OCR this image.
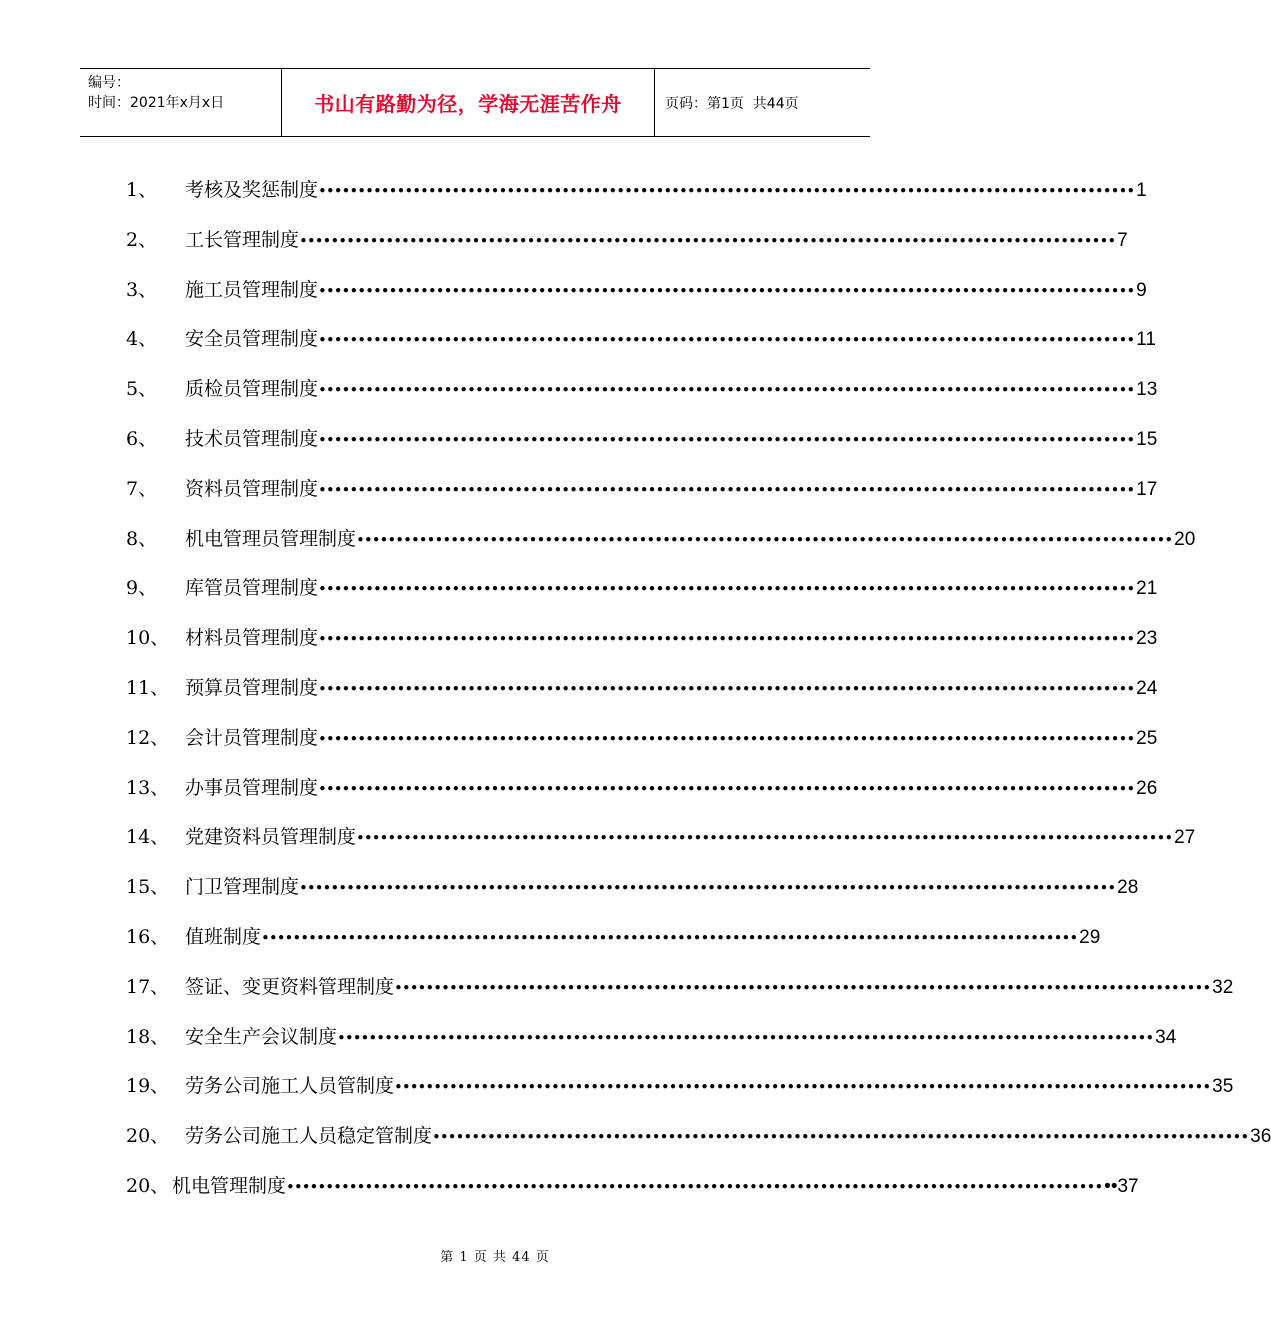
编号：
时间：2021年x月x日	书山有路勤为径，学海无涯苦作舟	页码：第1页  共44页
1、 考核及奖惩制度 •••••••••••••••••••••••••••••••••••••••••••••••••••••••••••••••••••••••••••••••••••••••••••••••••••••••• 1
2、 工长管理制度 •••••••••••••••••••••••••••••••••••••••••••••••••••••••••••••••••••••••••••••••••••••••••••••••••••••••• 7
3、 施工员管理制度 •••••••••••••••••••••••••••••••••••••••••••••••••••••••••••••••••••••••••••••••••••••••••••••••••••••••• 9
4、 安全员管理制度 •••••••••••••••••••••••••••••••••••••••••••••••••••••••••••••••••••••••••••••••••••••••••••••••••••••••• 11
5、 质检员管理制度 •••••••••••••••••••••••••••••••••••••••••••••••••••••••••••••••••••••••••••••••••••••••••••••••••••••••• 13
6、 技术员管理制度 •••••••••••••••••••••••••••••••••••••••••••••••••••••••••••••••••••••••••••••••••••••••••••••••••••••••• 15
7、 资料员管理制度 •••••••••••••••••••••••••••••••••••••••••••••••••••••••••••••••••••••••••••••••••••••••••••••••••••••••• 17
8、 机电管理员管理制度 •••••••••••••••••••••••••••••••••••••••••••••••••••••••••••••••••••••••••••••••••••••••••••••••••••••••• 20
9、 库管员管理制度 •••••••••••••••••••••••••••••••••••••••••••••••••••••••••••••••••••••••••••••••••••••••••••••••••••••••• 21
10、 材料员管理制度 •••••••••••••••••••••••••••••••••••••••••••••••••••••••••••••••••••••••••••••••••••••••••••••••••••••••• 23
11、 预算员管理制度 •••••••••••••••••••••••••••••••••••••••••••••••••••••••••••••••••••••••••••••••••••••••••••••••••••••••• 24
12、 会计员管理制度 •••••••••••••••••••••••••••••••••••••••••••••••••••••••••••••••••••••••••••••••••••••••••••••••••••••••• 25
13、 办事员管理制度 •••••••••••••••••••••••••••••••••••••••••••••••••••••••••••••••••••••••••••••••••••••••••••••••••••••••• 26
14、 党建资料员管理制度 •••••••••••••••••••••••••••••••••••••••••••••••••••••••••••••••••••••••••••••••••••••••••••••••••••••••• 27
15、 门卫管理制度 •••••••••••••••••••••••••••••••••••••••••••••••••••••••••••••••••••••••••••••••••••••••••••••••••••••••• 28
16、 值班制度 •••••••••••••••••••••••••••••••••••••••••••••••••••••••••••••••••••••••••••••••••••••••••••••••••••••••• 29
17、 签证、变更资料管理制度 •••••••••••••••••••••••••••••••••••••••••••••••••••••••••••••••••••••••••••••••••••••••••••••••••••••••• 32
18、 安全生产会议制度 •••••••••••••••••••••••••••••••••••••••••••••••••••••••••••••••••••••••••••••••••••••••••••••••••••••••• 34
19、 劳务公司施工人员管制度 •••••••••••••••••••••••••••••••••••••••••••••••••••••••••••••••••••••••••••••••••••••••••••••••••••••••• 35
20、 劳务公司施工人员稳定管制度 •••••••••••••••••••••••••••••••••••••••••••••••••••••••••••••••••••••••••••••••••••••••••••••••••••••••• 36
20、 机电管理制度 •••••••••••••••••••••••••••••••••••••••••••••••••••••••••••••••••••••••••••••••••••••••••••••••••••••••• ••37
第 1 页 共 44 页
